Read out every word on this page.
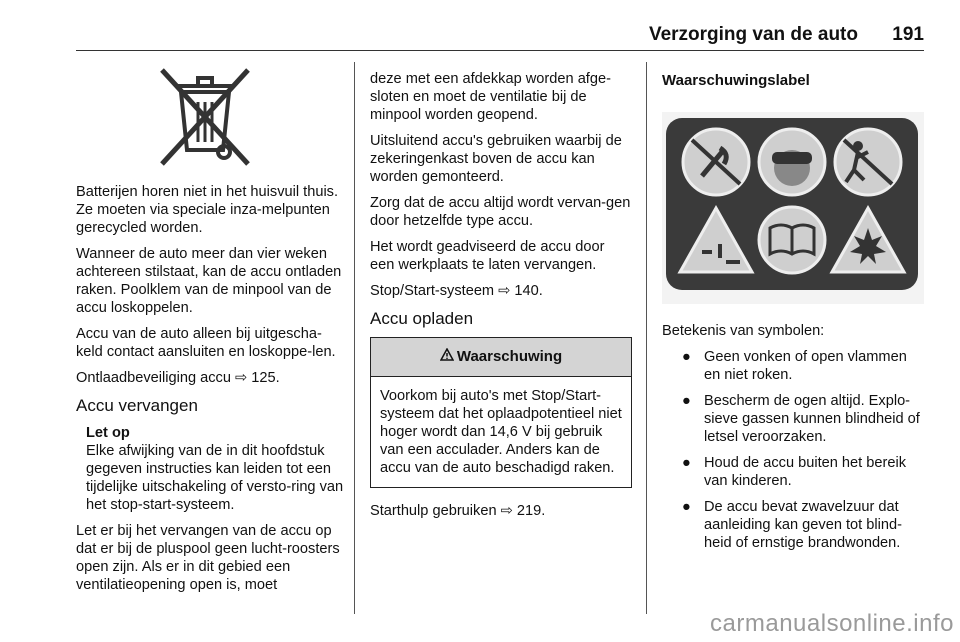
Verzorging van de auto 191

Batterijen horen niet in het huisvuil thuis. Ze moeten via speciale inza-melpunten gerecycled worden.

Wanneer de auto meer dan vier weken achtereen stilstaat, kan de accu ontladen raken. Poolklem van de minpool van de accu loskoppelen.

Accu van de auto alleen bij uitgescha-keld contact aansluiten en loskoppe-len.

Ontlaadbeveiliging accu ⇨ 125.

Accu vervangen
Let op
Elke afwijking van de in dit hoofdstuk gegeven instructies kan leiden tot een tijdelijke uitschakeling of versto-ring van het stop-start-systeem.

Let er bij het vervangen van de accu op dat er bij de pluspool geen lucht-roosters open zijn. Als er in dit gebied een ventilatieopening open is, moet

deze met een afdekkap worden afge-sloten en moet de ventilatie bij de minpool worden geopend.

Uitsluitend accu's gebruiken waarbij de zekeringenkast boven de accu kan worden gemonteerd.

Zorg dat de accu altijd wordt vervan-gen door hetzelfde type accu.

Het wordt geadviseerd de accu door een werkplaats te laten vervangen.

Stop/Start-systeem ⇨ 140.

Accu opladen
Waarschuwing
Voorkom bij auto's met Stop/Start-systeem dat het oplaadpotentieel niet hoger wordt dan 14,6 V bij gebruik van een acculader. Anders kan de accu van de auto beschadigd raken.

Starthulp gebruiken ⇨ 219.

Waarschuwingslabel

Betekenis van symbolen:

● Geen vonken of open vlammen en niet roken.
● Bescherm de ogen altijd. Explo-sieve gassen kunnen blindheid of letsel veroorzaken.
● Houd de accu buiten het bereik van kinderen.
● De accu bevat zwavelzuur dat aanleiding kan geven tot blind-heid of ernstige brandwonden.
carmanualsonline.info
